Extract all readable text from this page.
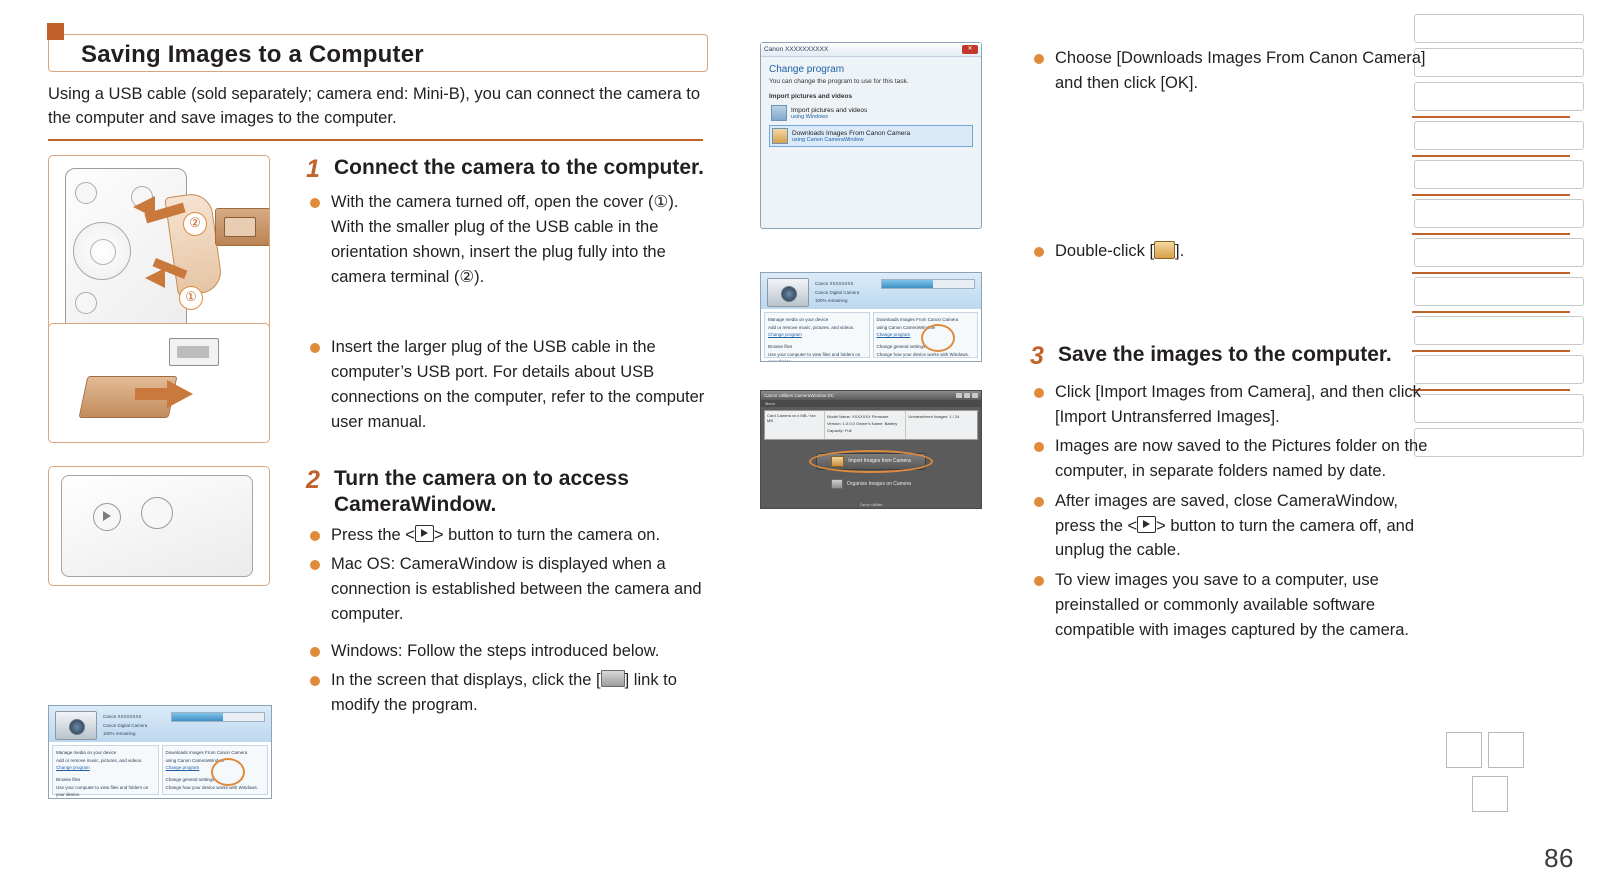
86
Saving Images to a Computer
Using a USB cable (sold separately; camera end: Mini-B), you can connect the camera to the computer and save images to the computer.
②
①
1 Connect the camera to the computer.
With the camera turned off, open the cover (①). With the smaller plug of the USB cable in the orientation shown, insert the plug fully into the camera terminal (②).
Insert the larger plug of the USB cable in the computer’s USB port. For details about USB connections on the computer, refer to the computer user manual.
2 Turn the camera on to access CameraWindow.
Press the < > button to turn the camera on.
Mac OS: CameraWindow is displayed when a connection is established between the camera and computer.
Windows: Follow the steps introduced below.
In the screen that displays, click the [ ] link to modify the program.
Canon XXXXXXXX
Canon Digital Camera
100% remaining
Manage media on your device
Add or remove music, pictures, and videos.
Change program
Browse files
Use your computer to view files and folders on your device.
Downloads Images From Canon Camera
using Canon CameraWindow
Change program
Change general settings
Change how your device works with Windows.
Canon XXXXXXXXXX	✕
Change program
You can change the program to use for this task.
Import pictures and videos
Import pictures and videos
using Windows
Downloads Images From Canon Camera
using Canon CameraWindow
Canon XXXXXXXX
Canon Digital Camera
100% remaining
Manage media on your device
Add or remove music, pictures, and videos.
Change program
Browse files
Use your computer to view files and folders on your device.
Downloads Images From Canon Camera
using Canon CameraWindow
Change program
Change general settings
Change how your device works with Windows.
Canon Utilities CameraWindow DC
Menu
Card Camera xx.x MB / xxx MB
Model Name: XXXXXXX Firmware Version: 1.0.0.0 Owner's Name: Battery Capacity: Full
Untransferred Images: 1 / 24
Import Images from Camera
Organize Images on Camera
Canon Utilities
Choose [Downloads Images From Canon Camera] and then click [OK].
Double-click [ ].
3 Save the images to the computer.
Click [Import Images from Camera], and then click [Import Untransferred Images].
Images are now saved to the Pictures folder on the computer, in separate folders named by date.
After images are saved, close CameraWindow, press the < > button to turn the camera off, and unplug the cable.
To view images you save to a computer, use preinstalled or commonly available software compatible with images captured by the camera.
